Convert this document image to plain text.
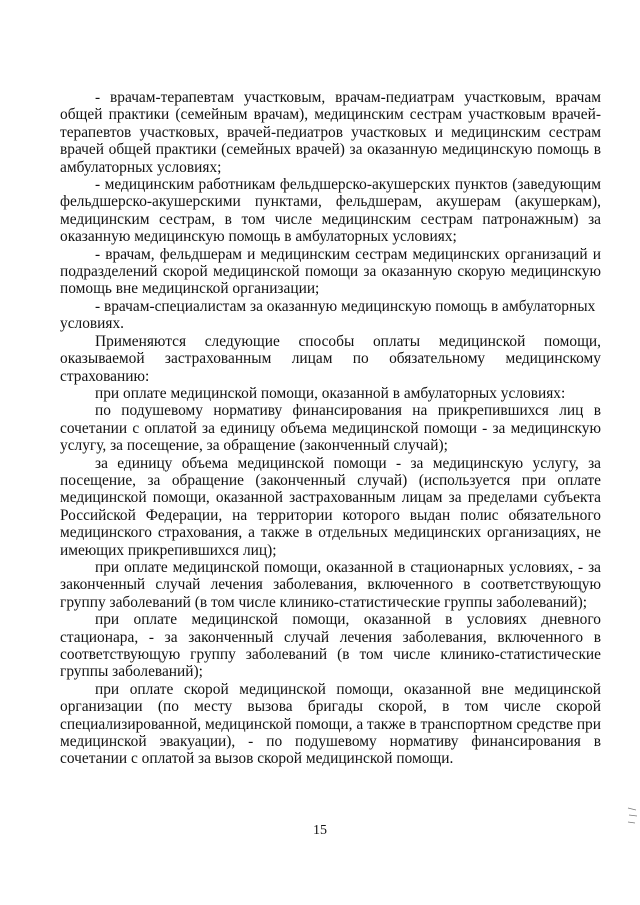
- врачам-терапевтам участковым, врачам-педиатрам участковым, врачам общей практики (семейным врачам), медицинским сестрам участковым врачей-терапевтов участковых, врачей-педиатров участковых и медицинским сестрам врачей общей практики (семейных врачей) за оказанную медицинскую помощь в амбулаторных условиях;

- медицинским работникам фельдшерско-акушерских пунктов (заведующим фельдшерско-акушерскими пунктами, фельдшерам, акушерам (акушеркам), медицинским сестрам, в том числе медицинским сестрам патронажным) за оказанную медицинскую помощь в амбулаторных условиях;

- врачам, фельдшерам и медицинским сестрам медицинских организаций и подразделений скорой медицинской помощи за оказанную скорую медицинскую помощь вне медицинской организации;

- врачам-специалистам за оказанную медицинскую помощь в амбулаторных условиях.

Применяются следующие способы оплаты медицинской помощи, оказываемой застрахованным лицам по обязательному медицинскому страхованию:

при оплате медицинской помощи, оказанной в амбулаторных условиях:

по подушевому нормативу финансирования на прикрепившихся лиц в сочетании с оплатой за единицу объема медицинской помощи - за медицинскую услугу, за посещение, за обращение (законченный случай);

за единицу объема медицинской помощи - за медицинскую услугу, за посещение, за обращение (законченный случай) (используется при оплате медицинской помощи, оказанной застрахованным лицам за пределами субъекта Российской Федерации, на территории которого выдан полис обязательного медицинского страхования, а также в отдельных медицинских организациях, не имеющих прикрепившихся лиц);

при оплате медицинской помощи, оказанной в стационарных условиях, - за законченный случай лечения заболевания, включенного в соответствующую группу заболеваний (в том числе клинико-статистические группы заболеваний);

при оплате медицинской помощи, оказанной в условиях дневного стационара, - за законченный случай лечения заболевания, включенного в соответствующую группу заболеваний (в том числе клинико-статистические группы заболеваний);

при оплате скорой медицинской помощи, оказанной вне медицинской организации (по месту вызова бригады скорой, в том числе скорой специализированной, медицинской помощи, а также в транспортном средстве при медицинской эвакуации), - по подушевому нормативу финансирования в сочетании с оплатой за вызов скорой медицинской помощи.

15
